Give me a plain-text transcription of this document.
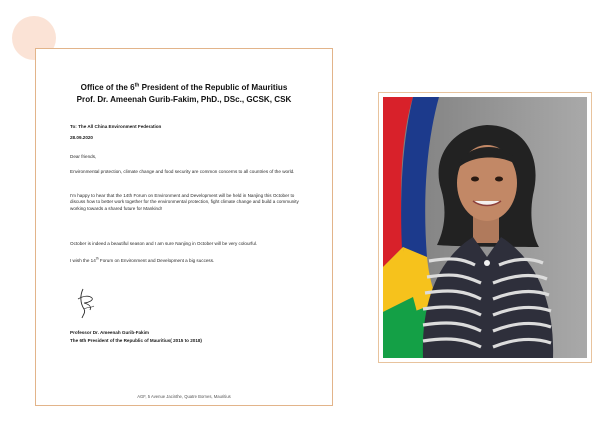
Office of the 6th President of the Republic of Mauritius
Prof. Dr. Ameenah Gurib-Fakim, PhD., DSc., GCSK, CSK
To: The All China Environment Federation
28.09.2020
Dear friends,
Environmental protection, climate change and food security are common concerns to all countries of the world.
I'm happy to hear that the 14th Forum on Environment and Development will be held in Nanjing this October to discuss how to better work together for the environmental protection, fight climate change and build a community working towards a shared future for Mankind!
October is indeed a beautiful season and I am sure Nanjing in October will be very colourful.
I wish the 14th Forum on Environment and Development a big success.
Professor Dr. Ameenah Gurib-Fakim
The 6th President of the Republic of Mauritius( 2015 to 2018)
AGF, 5 Avenue Jacinthe, Quatre Bornes, Mauritius
